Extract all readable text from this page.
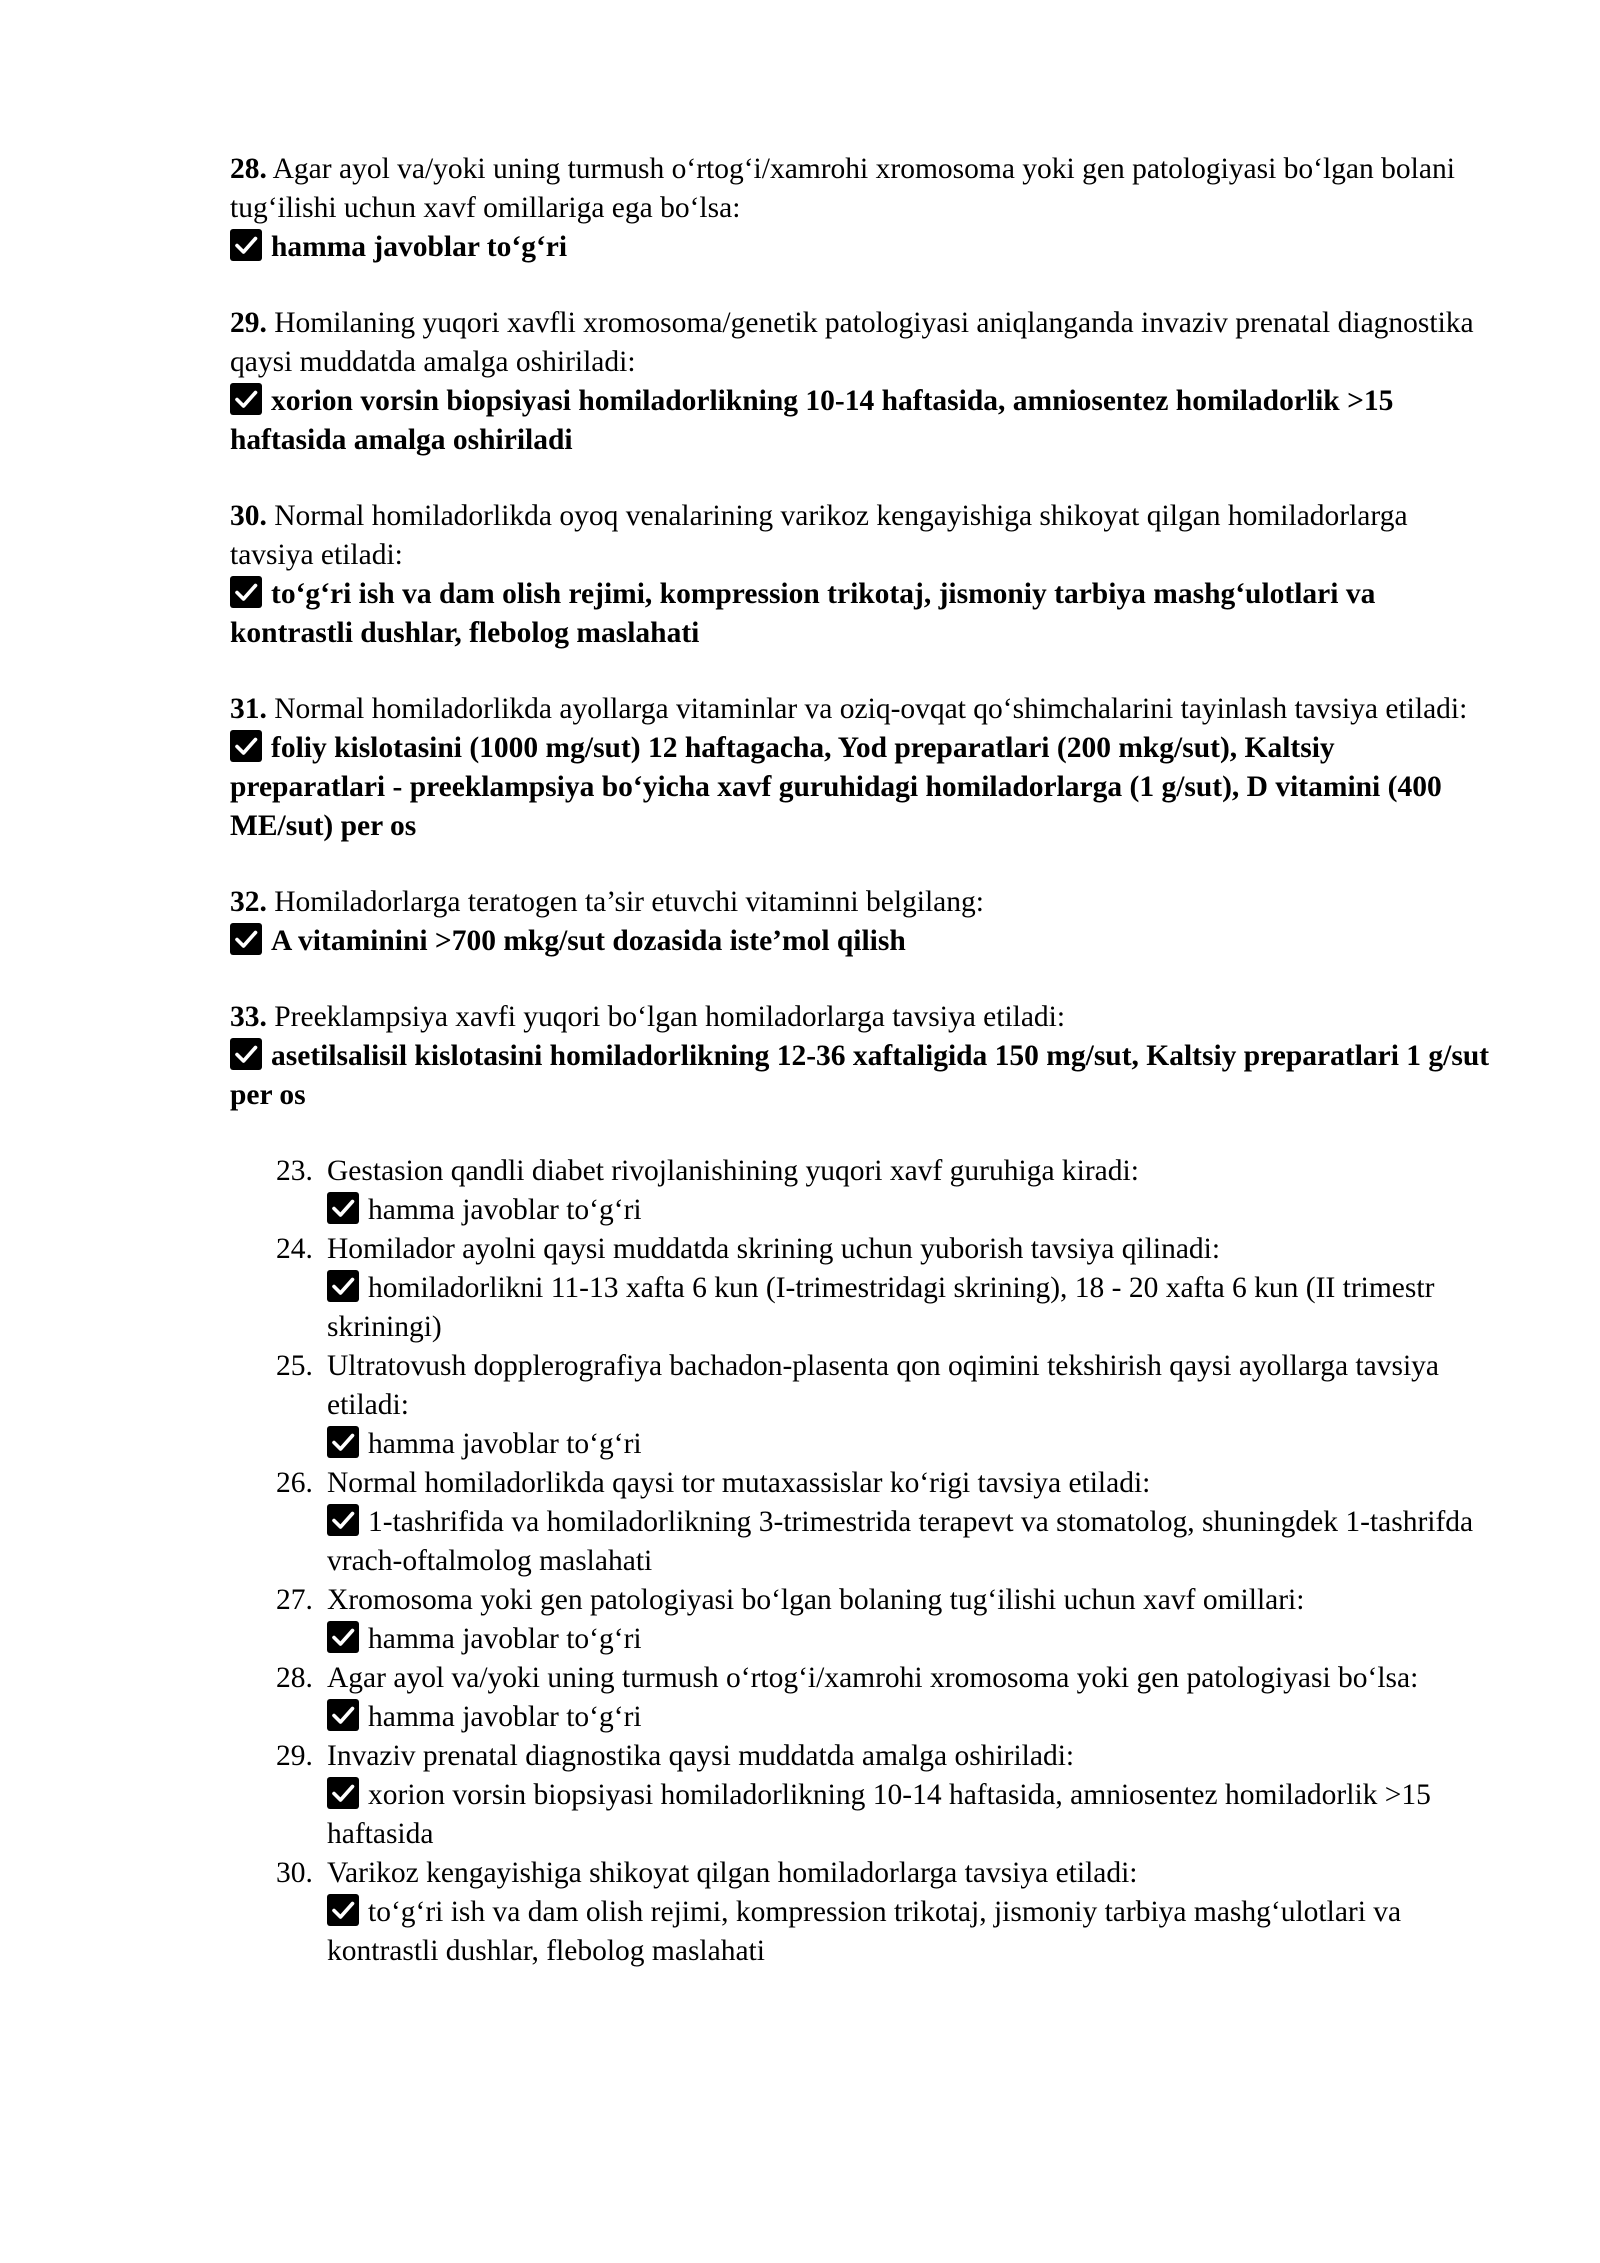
28. Agar ayol va/yoki uning turmush o‘rtog‘i/xamrohi xromosoma yoki gen patologiyasi bo‘lgan bolani tug‘ilishi uchun xavf omillariga ega bo‘lsa:
hamma javoblar to‘g‘ri
29. Homilaning yuqori xavfli xromosoma/genetik patologiyasi aniqlanganda invaziv prenatal diagnostika qaysi muddatda amalga oshiriladi:
xorion vorsin biopsiyasi homiladorlikning 10-14 haftasida, amniosentez homiladorlik >15 haftasida amalga oshiriladi
30. Normal homiladorlikda oyoq venalarining varikoz kengayishiga shikoyat qilgan homiladorlarga tavsiya etiladi:
to‘g‘ri ish va dam olish rejimi, kompression trikotaj, jismoniy tarbiya mashg‘ulotlari va kontrastli dushlar, flebolog maslahati
31. Normal homiladorlikda ayollarga vitaminlar va oziq-ovqat qo‘shimchalarini tayinlash tavsiya etiladi:
foliy kislotasini (1000 mg/sut) 12 haftagacha, Yod preparatlari (200 mkg/sut), Kaltsiy preparatlari - preeklampsiya bo‘yicha xavf guruhidagi homiladorlarga (1 g/sut), D vitamini (400 ME/sut) per os
32. Homiladorlarga teratogen ta’sir etuvchi vitaminni belgilang:
A vitaminini >700 mkg/sut dozasida iste’mol qilish
33. Preeklampsiya xavfi yuqori bo‘lgan homiladorlarga tavsiya etiladi:
asetilsalisil kislotasini homiladorlikning 12-36 xaftaligida 150 mg/sut, Kaltsiy preparatlari 1 g/sut per os
23. Gestasion qandli diabet rivojlanishining yuqori xavf guruhiga kiradi:
hamma javoblar to‘g‘ri
24. Homilador ayolni qaysi muddatda skrining uchun yuborish tavsiya qilinadi:
homiladorlikni 11-13 xafta 6 kun (I-trimestridagi skrining), 18 - 20 xafta 6 kun (II trimestr skriningi)
25. Ultratovush dopplerografiya bachadon-plasenta qon oqimini tekshirish qaysi ayollarga tavsiya etiladi:
hamma javoblar to‘g‘ri
26. Normal homiladorlikda qaysi tor mutaxassislar ko‘rigi tavsiya etiladi:
1-tashrifida va homiladorlikning 3-trimestrida terapevt va stomatolog, shuningdek 1-tashrifda vrach-oftalmolog maslahati
27. Xromosoma yoki gen patologiyasi bo‘lgan bolaning tug‘ilishi uchun xavf omillari:
hamma javoblar to‘g‘ri
28. Agar ayol va/yoki uning turmush o‘rtog‘i/xamrohi xromosoma yoki gen patologiyasi bo‘lsa:
hamma javoblar to‘g‘ri
29. Invaziv prenatal diagnostika qaysi muddatda amalga oshiriladi:
xorion vorsin biopsiyasi homiladorlikning 10-14 haftasida, amniosentez homiladorlik >15 haftasida
30. Varikoz kengayishiga shikoyat qilgan homiladorlarga tavsiya etiladi:
to‘g‘ri ish va dam olish rejimi, kompression trikotaj, jismoniy tarbiya mashg‘ulotlari va kontrastli dushlar, flebolog maslahati
